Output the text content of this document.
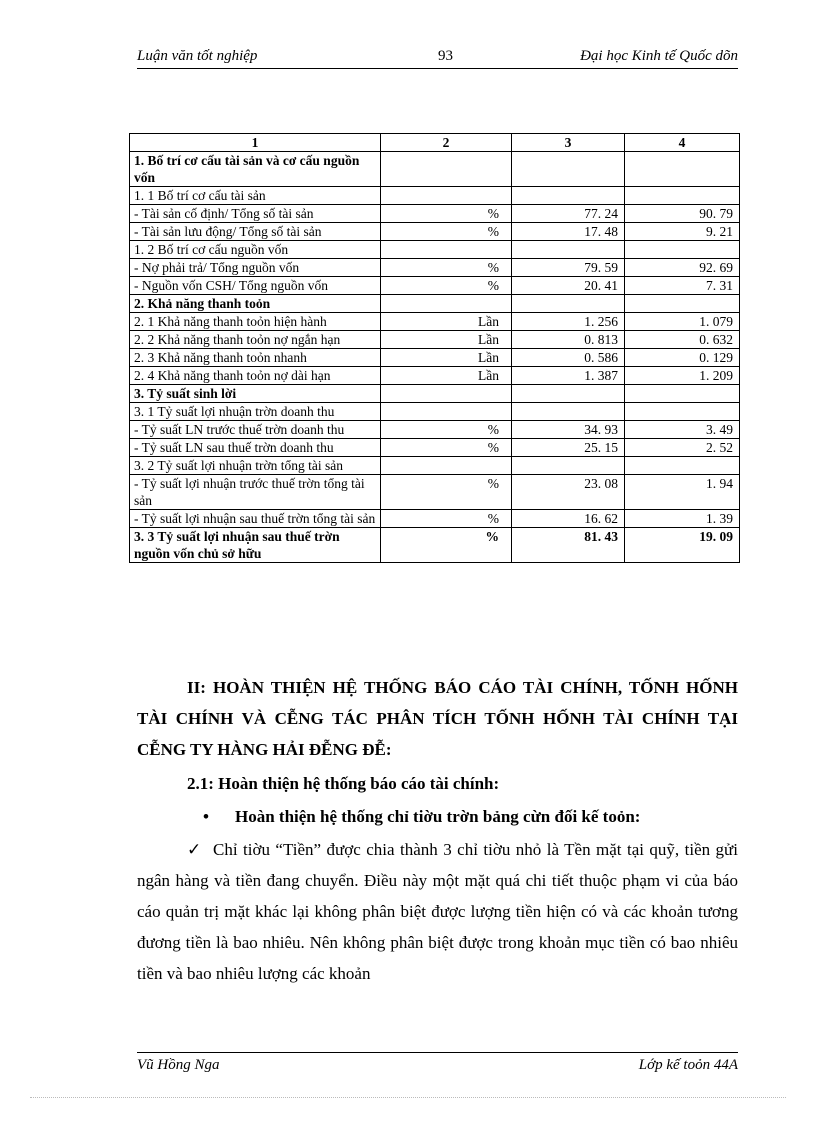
Luận văn tốt nghiệp	93	Đại học Kinh tế Quốc dõn
1	2	3	4
1. Bố trí cơ cấu tài sản và cơ cấu nguồn vốn			
1. 1 Bố trí cơ cấu tài sản			
- Tài sản cố định/ Tổng số tài sản	%	77. 24	90. 79
- Tài sản lưu động/ Tổng số tài sản	%	17. 48	9. 21
1. 2 Bố trí cơ cấu nguồn vốn			
- Nợ phải trả/ Tổng nguồn vốn	%	79. 59	92. 69
- Nguồn vốn CSH/ Tổng nguồn vốn	%	20. 41	7. 31
2. Khả năng thanh toỏn			
2. 1 Khả năng thanh toỏn hiện hành	Lần	1. 256	1. 079
2. 2 Khả năng thanh toỏn nợ ngắn hạn	Lần	0. 813	0. 632
2. 3 Khả năng thanh toỏn nhanh	Lần	0. 586	0. 129
2. 4 Khả năng thanh toỏn nợ dài hạn	Lần	1. 387	1. 209
3. Tỷ suất sinh lời			
3. 1 Tỷ suất lợi nhuận trờn doanh thu			
- Tỷ suất LN trước thuế trờn doanh thu	%	34. 93	3. 49
- Tỷ suất LN sau thuế trờn doanh thu	%	25. 15	2. 52
3. 2 Tỷ suất lợi nhuận trờn tổng tài sản			
- Tỷ suất lợi nhuận trước thuế trờn tổng tài sản	%	23. 08	1. 94
- Tỷ suất lợi nhuận sau thuế trờn tổng tài sản	%	16. 62	1. 39
3. 3 Tỷ suất lợi nhuận sau thuế trờn nguồn vốn chủ sở hữu	%	81. 43	19. 09

II: HOÀN THIỆN HỆ THỐNG BÁO CÁO TÀI CHÍNH, TỐNH HỐNH TÀI CHÍNH VÀ CỄNG TÁC PHÂN TÍCH TỐNH HỐNH TÀI CHÍNH TẠI CỄNG TY HÀNG HẢI ĐỄNG ĐỄ:

2.1: Hoàn thiện hệ thống báo cáo tài chính:
• Hoàn thiện hệ thống chỉ tiờu trờn bảng cừn đối kế toỏn:

✓ Chỉ tiờu “Tiền” được chia thành 3 chỉ tiờu nhỏ là Tền mặt tại quỹ, tiền gửi ngân hàng và tiền đang chuyển. Điều này một mặt quá chi tiết thuộc phạm vi của báo cáo quản trị mặt khác lại không phân biệt được lượng tiền hiện có và các khoản tương đương tiền là bao nhiêu. Nên không phân biệt được trong khoản mục tiền có bao nhiêu tiền và bao nhiêu lượng các khoản

Vũ Hồng Nga	Lớp kế toỏn 44A
